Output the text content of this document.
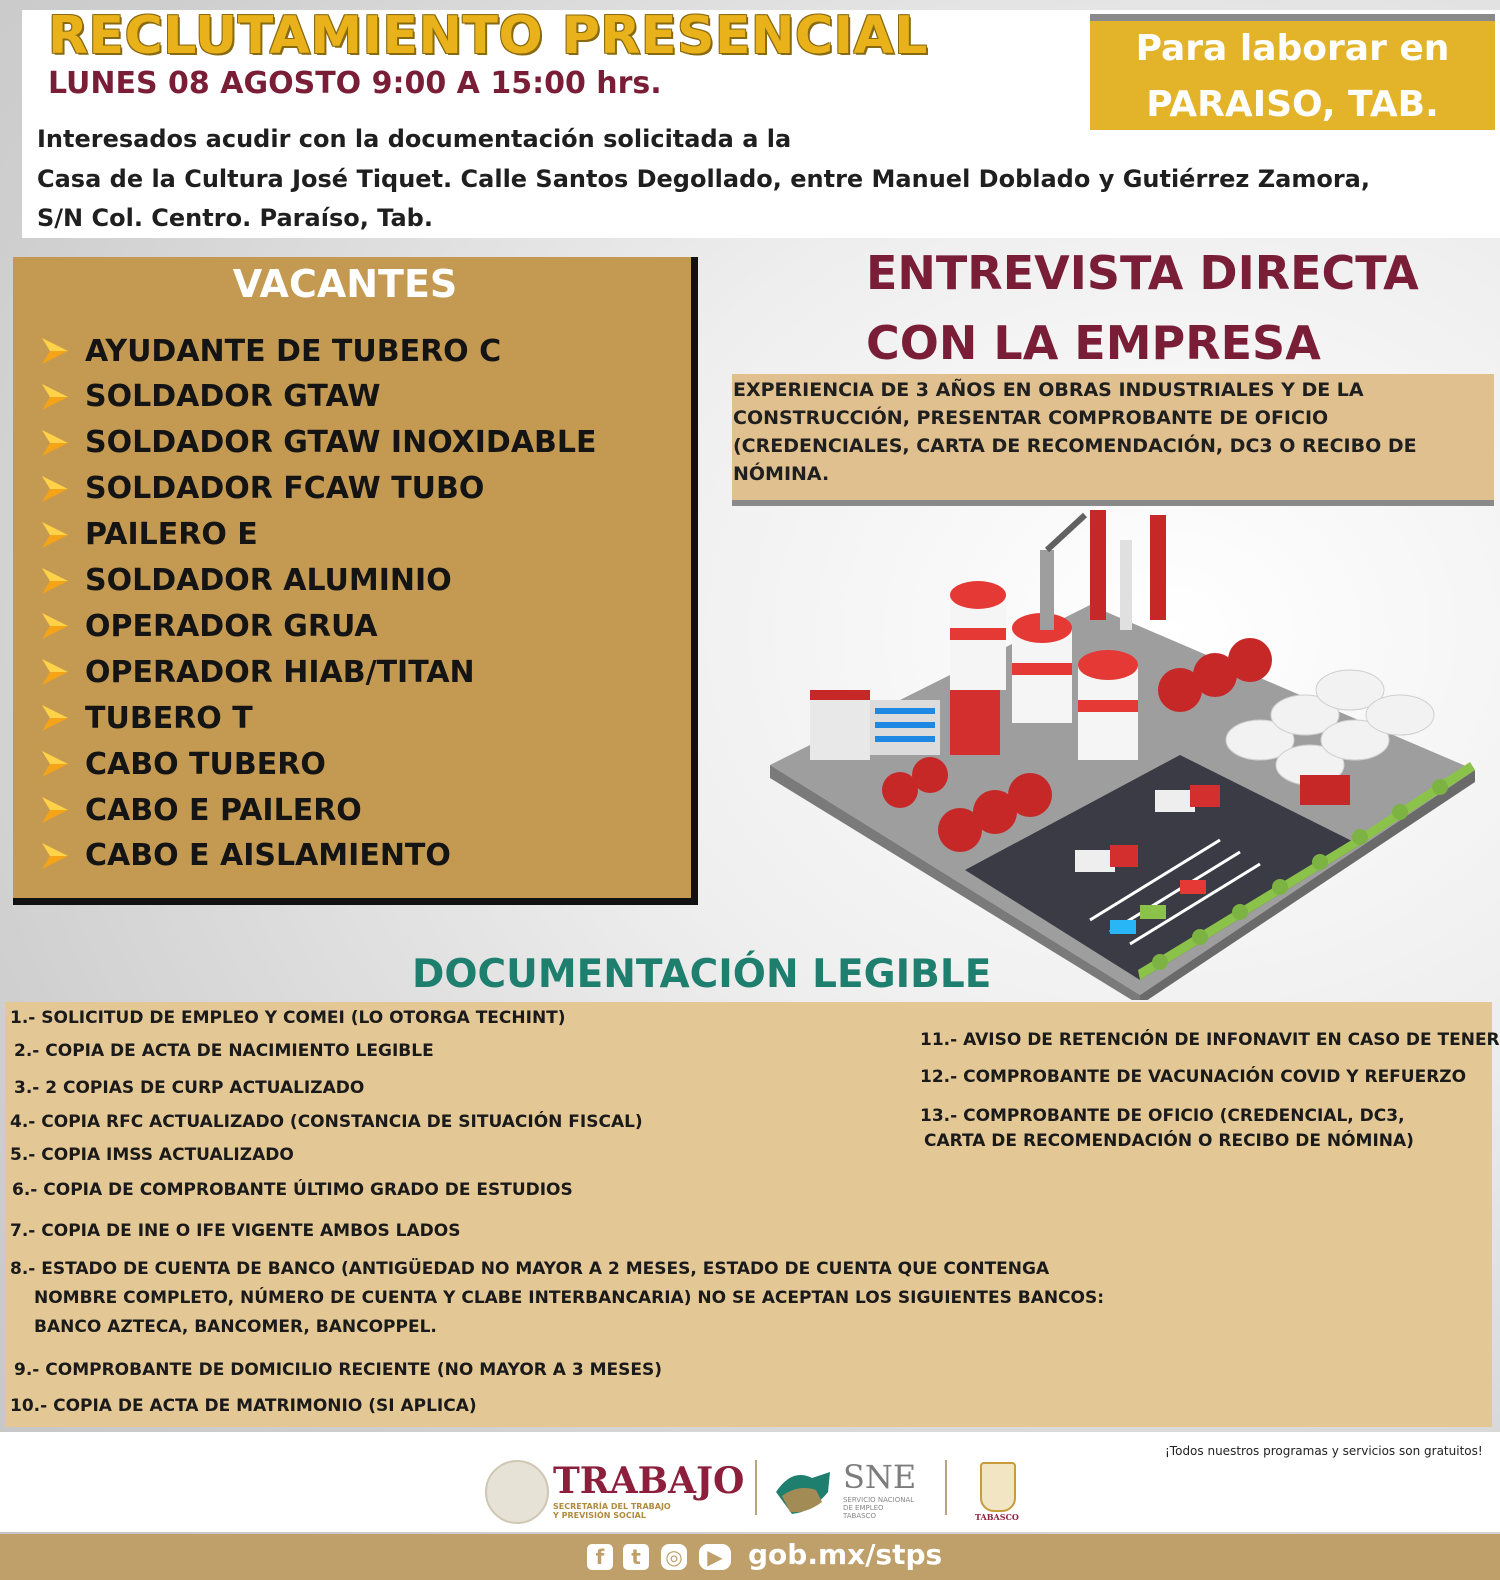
RECLUTAMIENTO PRESENCIAL
LUNES 08 AGOSTO 9:00 A 15:00 hrs.
Para laborar en
PARAISO, TAB.
Interesados acudir con la documentación solicitada a la
Casa de la Cultura José Tiquet. Calle Santos Degollado, entre Manuel Doblado y Gutiérrez Zamora,
S/N Col. Centro. Paraíso, Tab.
VACANTES
AYUDANTE DE TUBERO C
SOLDADOR GTAW
SOLDADOR GTAW INOXIDABLE
SOLDADOR FCAW TUBO
PAILERO E
SOLDADOR ALUMINIO
OPERADOR GRUA
OPERADOR HIAB/TITAN
TUBERO T
CABO TUBERO
CABO E PAILERO
CABO E AISLAMIENTO
ENTREVISTA DIRECTA
CON LA EMPRESA
EXPERIENCIA DE 3 AÑOS EN OBRAS INDUSTRIALES Y DE LA
CONSTRUCCIÓN, PRESENTAR COMPROBANTE DE OFICIO
(CREDENCIALES, CARTA DE RECOMENDACIÓN, DC3 O RECIBO DE
NÓMINA.
DOCUMENTACIÓN LEGIBLE
1.- SOLICITUD DE EMPLEO Y COMEI (LO OTORGA TECHINT)
2.- COPIA DE ACTA DE NACIMIENTO LEGIBLE
3.- 2 COPIAS DE CURP ACTUALIZADO
4.- COPIA RFC ACTUALIZADO (CONSTANCIA DE SITUACIÓN FISCAL)
5.- COPIA IMSS ACTUALIZADO
6.- COPIA DE COMPROBANTE ÚLTIMO GRADO DE ESTUDIOS
7.- COPIA DE INE O IFE VIGENTE AMBOS LADOS
8.- ESTADO DE CUENTA DE BANCO (ANTIGÜEDAD NO MAYOR A 2 MESES, ESTADO DE CUENTA QUE CONTENGA
NOMBRE COMPLETO, NÚMERO DE CUENTA Y CLABE INTERBANCARIA) NO SE ACEPTAN LOS SIGUIENTES BANCOS:
BANCO AZTECA, BANCOMER, BANCOPPEL.
9.- COMPROBANTE DE DOMICILIO RECIENTE (NO MAYOR A 3 MESES)
10.- COPIA DE ACTA DE MATRIMONIO (SI APLICA)
11.- AVISO DE RETENCIÓN DE INFONAVIT EN CASO DE TENER
12.- COMPROBANTE DE VACUNACIÓN COVID Y REFUERZO
13.- COMPROBANTE DE OFICIO (CREDENCIAL, DC3,
CARTA DE RECOMENDACIÓN O RECIBO DE NÓMINA)
¡Todos nuestros programas y servicios son gratuitos!
TRABAJO
SECRETARÍA DEL TRABAJO
Y PREVISIÓN SOCIAL
SNE
SERVICIO NACIONAL
DE EMPLEO
TABASCO	TABASCO
f	t	◎	▶ gob.mx/stps
